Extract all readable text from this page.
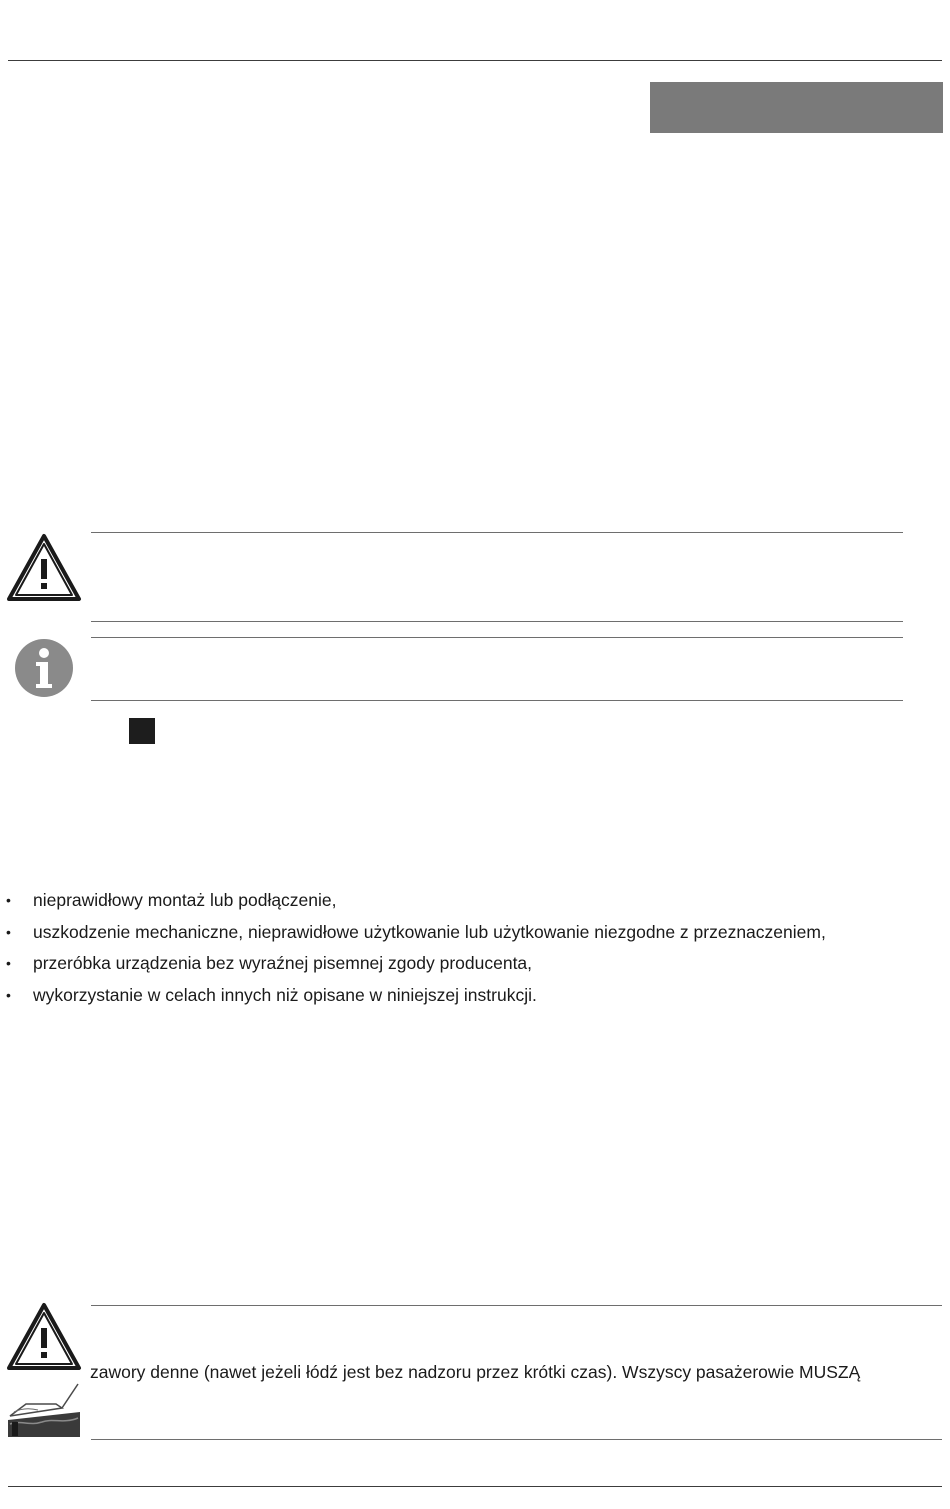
• nieprawidłowy montaż lub podłączenie,
• uszkodzenie mechaniczne, nieprawidłowe użytkowanie lub użytkowanie niezgodne z przeznaczeniem,
• przeróbka urządzenia bez wyraźnej pisemnej zgody producenta,
• wykorzystanie w celach innych niż opisane w niniejszej instrukcji.
zawory denne (nawet jeżeli łódź jest bez nadzoru przez krótki czas). Wszyscy pasażerowie MUSZĄ
